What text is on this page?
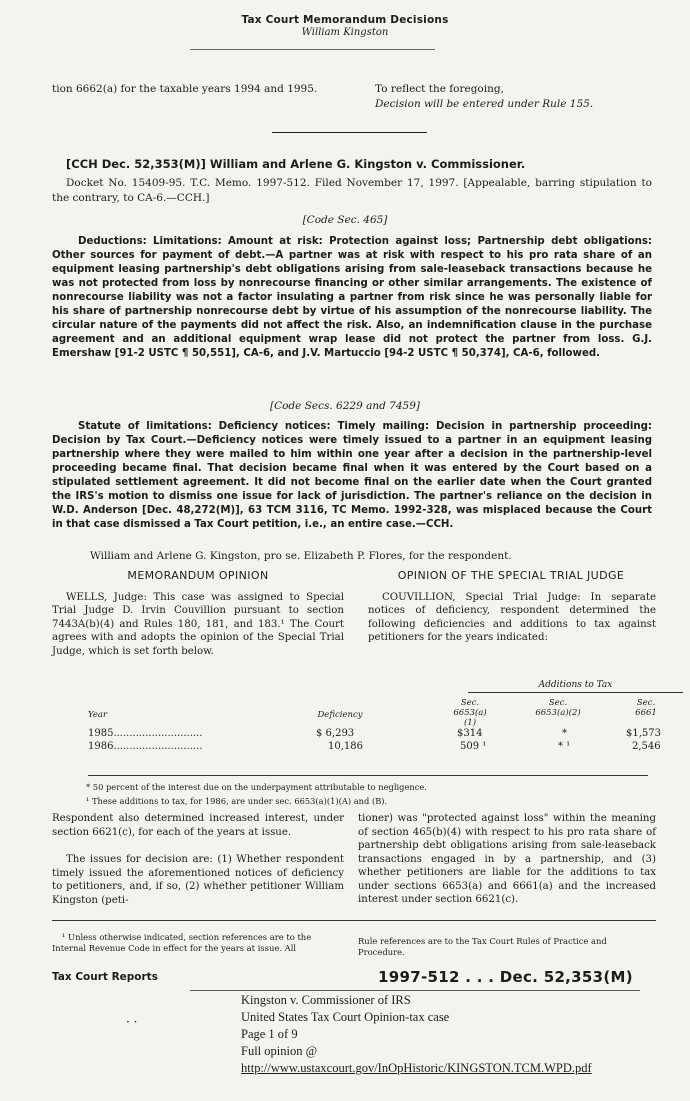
Tax Court Memorandum Decisions
William Kingston
tion 6662(a) for the taxable years 1994 and 1995.	To reflect the foregoing,
Decision will be entered under Rule 155.
[CCH Dec. 52,353(M)] William and Arlene G. Kingston v. Commissioner.
Docket No. 15409-95. T.C. Memo. 1997-512. Filed November 17, 1997. [Appealable, barring stipulation to the contrary, to CA-6.—CCH.]
[Code Sec. 465]
Deductions: Limitations: Amount at risk: Protection against loss; Partnership debt obligations: Other sources for payment of debt.—A partner was at risk with respect to his pro rata share of an equipment leasing partnership's debt obligations arising from sale-leaseback transactions because he was not protected from loss by nonrecourse financing or other similar arrangements. The existence of nonrecourse liability was not a factor insulating a partner from risk since he was personally liable for his share of partnership nonrecourse debt by virtue of his assumption of the nonrecourse liability. The circular nature of the payments did not affect the risk. Also, an indemnification clause in the purchase agreement and an additional equipment wrap lease did not protect the partner from loss. G.J. Emershaw [91-2 USTC ¶ 50,551], CA-6, and J.V. Martuccio [94-2 USTC ¶ 50,374], CA-6, followed.
[Code Secs. 6229 and 7459]
Statute of limitations: Deficiency notices: Timely mailing: Decision in partnership proceeding: Decision by Tax Court.—Deficiency notices were timely issued to a partner in an equipment leasing partnership where they were mailed to him within one year after a decision in the partnership-level proceeding became final. That decision became final when it was entered by the Court based on a stipulated settlement agreement. It did not become final on the earlier date when the Court granted the IRS's motion to dismiss one issue for lack of jurisdiction. The partner's reliance on the decision in W.D. Anderson [Dec. 48,272(M)], 63 TCM 3116, TC Memo. 1992-328, was misplaced because the Court in that case dismissed a Tax Court petition, i.e., an entire case.—CCH.
William and Arlene G. Kingston, pro se. Elizabeth P. Flores, for the respondent.
MEMORANDUM OPINION
WELLS, Judge: This case was assigned to Special Trial Judge D. Irvin Couvillion pursuant to section 7443A(b)(4) and Rules 180, 181, and 183.¹ The Court agrees with and adopts the opinion of the Special Trial Judge, which is set forth below.
OPINION OF THE SPECIAL TRIAL JUDGE
COUVILLION, Special Trial Judge: In separate notices of deficiency, respondent determined the following deficiencies and additions to tax against petitioners for the years indicated:
Additions to Tax
Year	Deficiency
Sec. 6653(a)(1)
Sec. 6653(a)(2)
Sec. 6661
1985............................	$ 6,293	$314	*	$1,573
1986............................	10,186	509 ¹	* ¹	2,546
* 50 percent of the interest due on the underpayment attributable to negligence.
¹ These additions to tax, for 1986, are under sec. 6653(a)(1)(A) and (B).
Respondent also determined increased interest, under section 6621(c), for each of the years at issue.
The issues for decision are: (1) Whether respondent timely issued the aforementioned notices of deficiency to petitioners, and, if so, (2) whether petitioner William Kingston (peti-
tioner) was "protected against loss" within the meaning of section 465(b)(4) with respect to his pro rata share of partnership debt obligations arising from sale-leaseback transactions engaged in by a partnership, and (3) whether petitioners are liable for the additions to tax under sections 6653(a) and 6661(a) and the increased interest under section 6621(c).
¹ Unless otherwise indicated, section references are to the Internal Revenue Code in effect for the years at issue. All
Rule references are to the Tax Court Rules of Practice and Procedure.
Tax Court Reports	1997-512 . . . Dec. 52,353(M)
· ·
Kingston v. Commissioner of IRS
United States Tax Court Opinion-tax case
Page 1 of 9
Full opinion @
http://www.ustaxcourt.gov/InOpHistoric/KINGSTON.TCM.WPD.pdf
